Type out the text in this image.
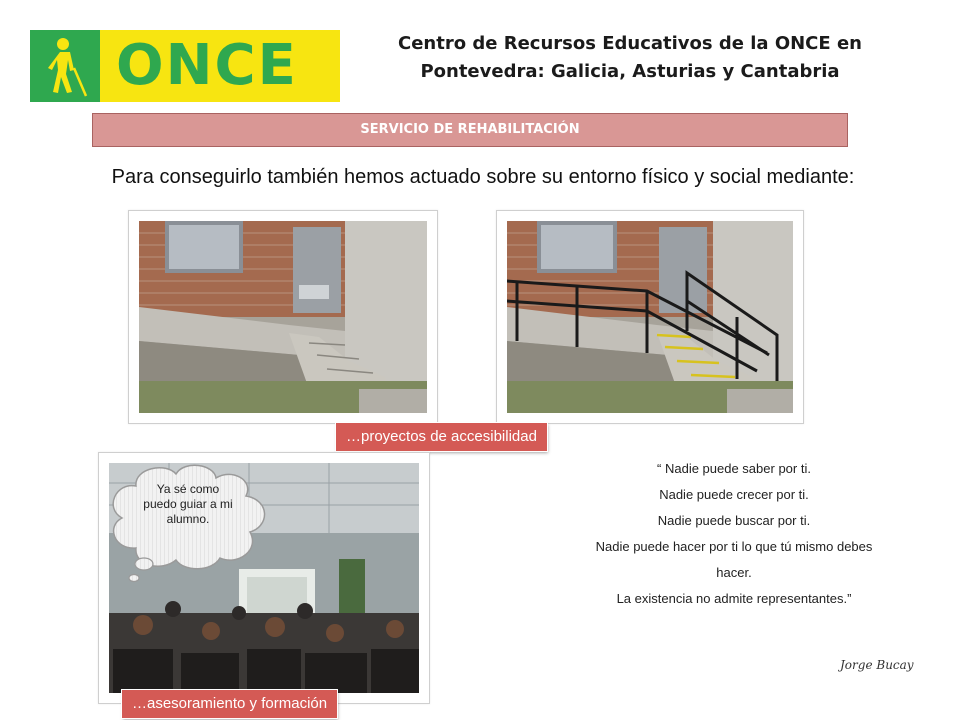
ONCE	Centro de Recursos Educativos de la ONCE en
Pontevedra: Galicia, Asturias y Cantabria
SERVICIO DE REHABILITACIÓN
Para conseguirlo también hemos actuado sobre su entorno físico y social mediante:
…proyectos de accesibilidad
Ya sé como puedo guiar a mi alumno.
…asesoramiento y formación
“ Nadie puede saber por ti.
Nadie puede crecer por ti.
Nadie puede buscar por ti.
Nadie puede hacer por ti lo que tú mismo debes
hacer.
La existencia no admite representantes.”
Jorge Bucay
